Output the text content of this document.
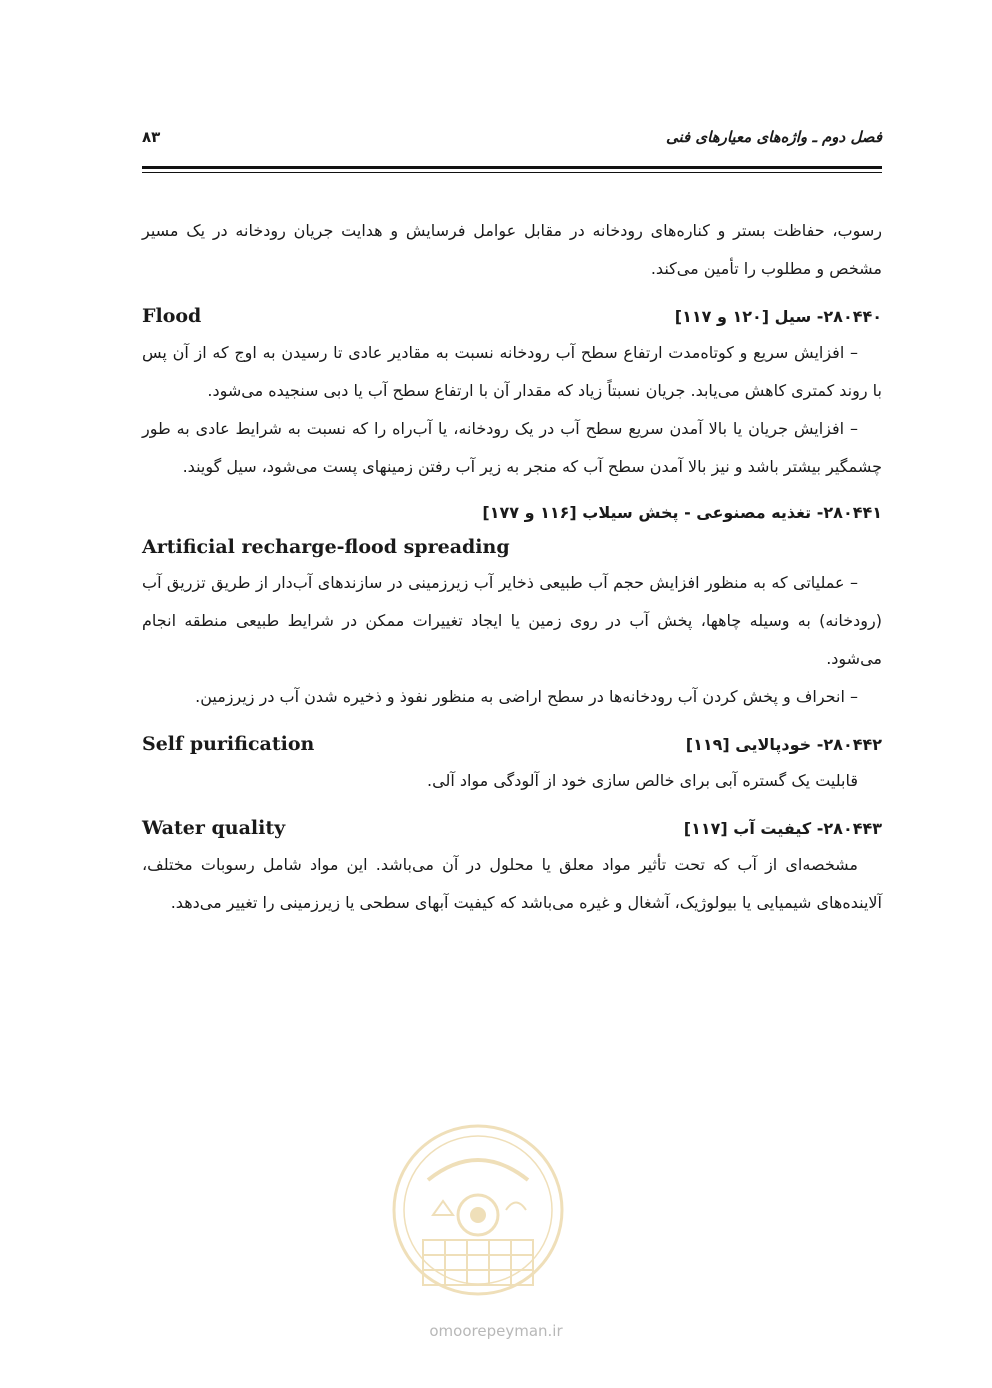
فصل دوم ـ واژه‌های معیارهای فنی
۸۳

رسوب، حفاظت بستر و کناره‌های رودخانه در مقابل عوامل فرسایش و هدایت جریان رودخانه در یک مسیر مشخص و مطلوب را تأمین می‌کند.

۲۸۰۴۴۰- سیل [۱۲۰ و ۱۱۷]
Flood

– افزایش سریع و کوتاه‌مدت ارتفاع سطح آب رودخانه نسبت به مقادیر عادی تا رسیدن به اوج که از آن پس با روند کمتری کاهش می‌یابد. جریان نسبتاً زیاد که مقدار آن با ارتفاع سطح آب یا دبی سنجیده می‌شود.

– افزایش جریان یا بالا آمدن سریع سطح آب در یک رودخانه، یا آب‌راه را که نسبت به شرایط عادی به طور چشمگیر بیشتر باشد و نیز بالا آمدن سطح آب که منجر به زیر آب رفتن زمینهای پست می‌شود، سیل گویند.

۲۸۰۴۴۱- تغذیه مصنوعی - پخش سیلاب [۱۱۶ و ۱۷۷]
Artificial recharge-flood spreading

– عملیاتی که به منظور افزایش حجم آب طبیعی ذخایر آب زیرزمینی در سازندهای آب‌دار از طریق تزریق آب (رودخانه) به وسیله چاهها، پخش آب در روی زمین یا ایجاد تغییرات ممکن در شرایط طبیعی منطقه انجام می‌شود.

– انحراف و پخش کردن آب رودخانه‌ها در سطح اراضی به منظور نفوذ و ذخیره شدن آب در زیرزمین.

۲۸۰۴۴۲- خودپالایی [۱۱۹]
Self purification
قابلیت یک گستره آبی برای خالص سازی خود از آلودگی مواد آلی.
۲۸۰۴۴۳- کیفیت آب [۱۱۷]
Water quality

مشخصه‌ای از آب که تحت تأثیر مواد معلق یا محلول در آن می‌باشد. این مواد شامل رسوبات مختلف، آلاینده‌های شیمیایی یا بیولوژیک، آشغال و غیره می‌باشد که کیفیت آبهای سطحی یا زیرزمینی را تغییر می‌دهد.

omoorepeyman.ir
